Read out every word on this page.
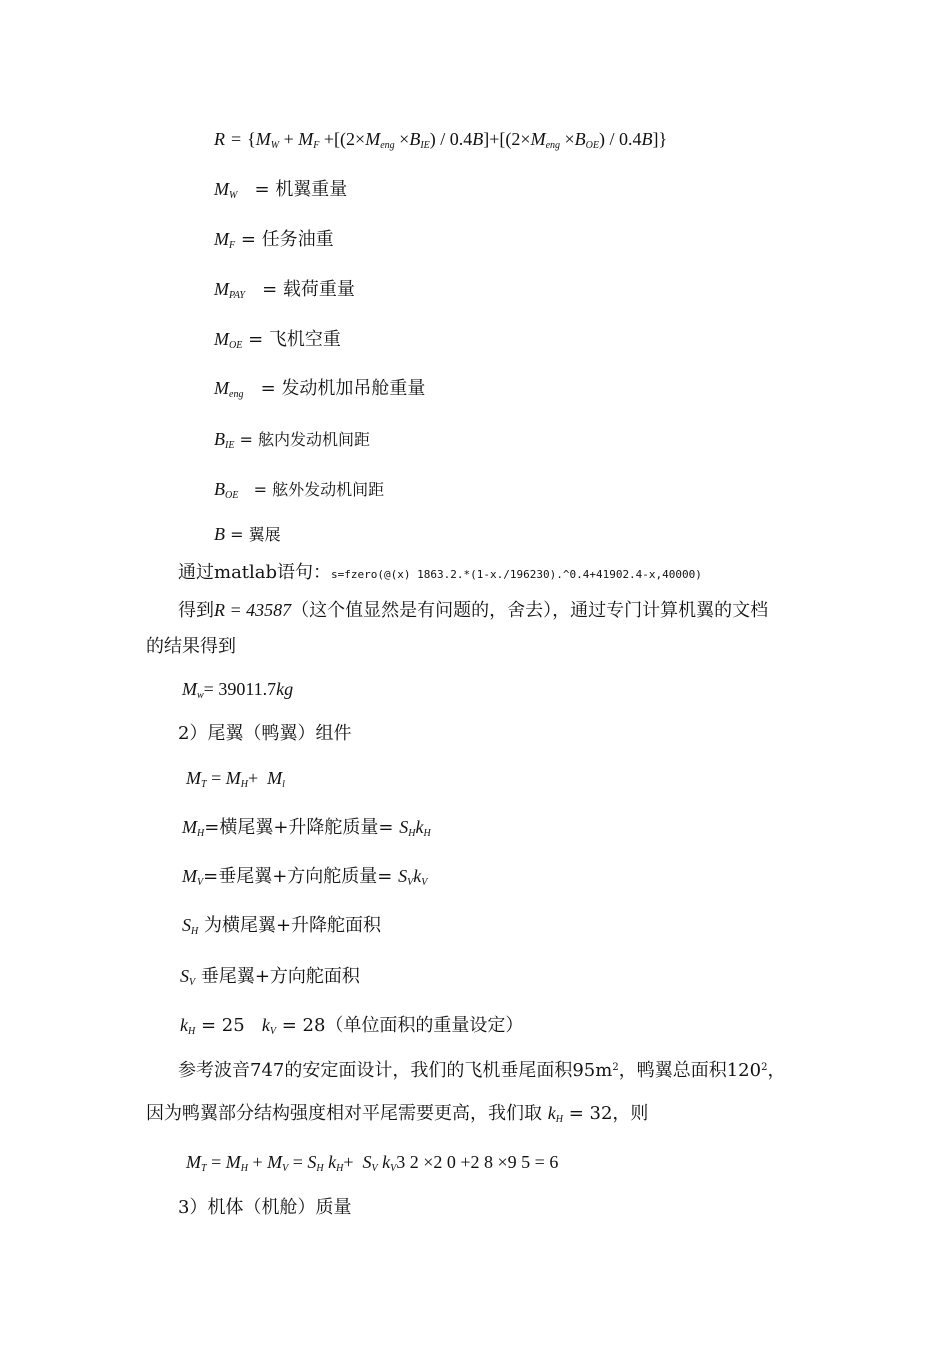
$R = \{M_W + M_F +[(2\times M_{eng} \times B_{IE}) / 0.4B]+[(2\times M_{eng} \times B_{OE}) / 0.4B]\}$
$M_W$   = 机翼重量
$M_F$ = 任务油重
$M_{PAY}$   = 载荷重量
$M_{OE}$ = 飞机空重
$M_{eng}$   = 发动机加吊舱重量
$B_{IE}$ = 舷内发动机间距
$B_{OE}$   = 舷外发动机间距
B = 翼展
通过matlab语句：s=fzero(@(x) 1863.2.*(1-x./196230).^0.4+41902.4-x,40000)
得到R = 43587（这个值显然是有问题的，舍去），通过专门计算机翼的文档
的结果得到
$M_w= 39011.7kg$
2）尾翼（鸭翼）组件
$M_T = M_H+ M_l$
$M_H=$横尾翼+升降舵质量= $S_Hk_H$
$M_V=$垂尾翼+方向舵质量= $S_Vk_V$
$S_H$ 为横尾翼+升降舵面积
$S_V$ 垂尾翼+方向舵面积
$k_H = 25$ $k_V = 28$（单位面积的重量设定）
参考波音747的安定面设计，我们的飞机垂尾面积$95m^2$，鸭翼总面积$120^2$，
因为鸭翼部分结构强度相对平尾需要更高，我们取 $k_H = 32$，则
$M_T = M_H + M_V = S_H$ $k_H+ S_V$ $k_V3$ 2 ×2 0 +2 8 ×9 5 = 6
3）机体（机舱）质量
